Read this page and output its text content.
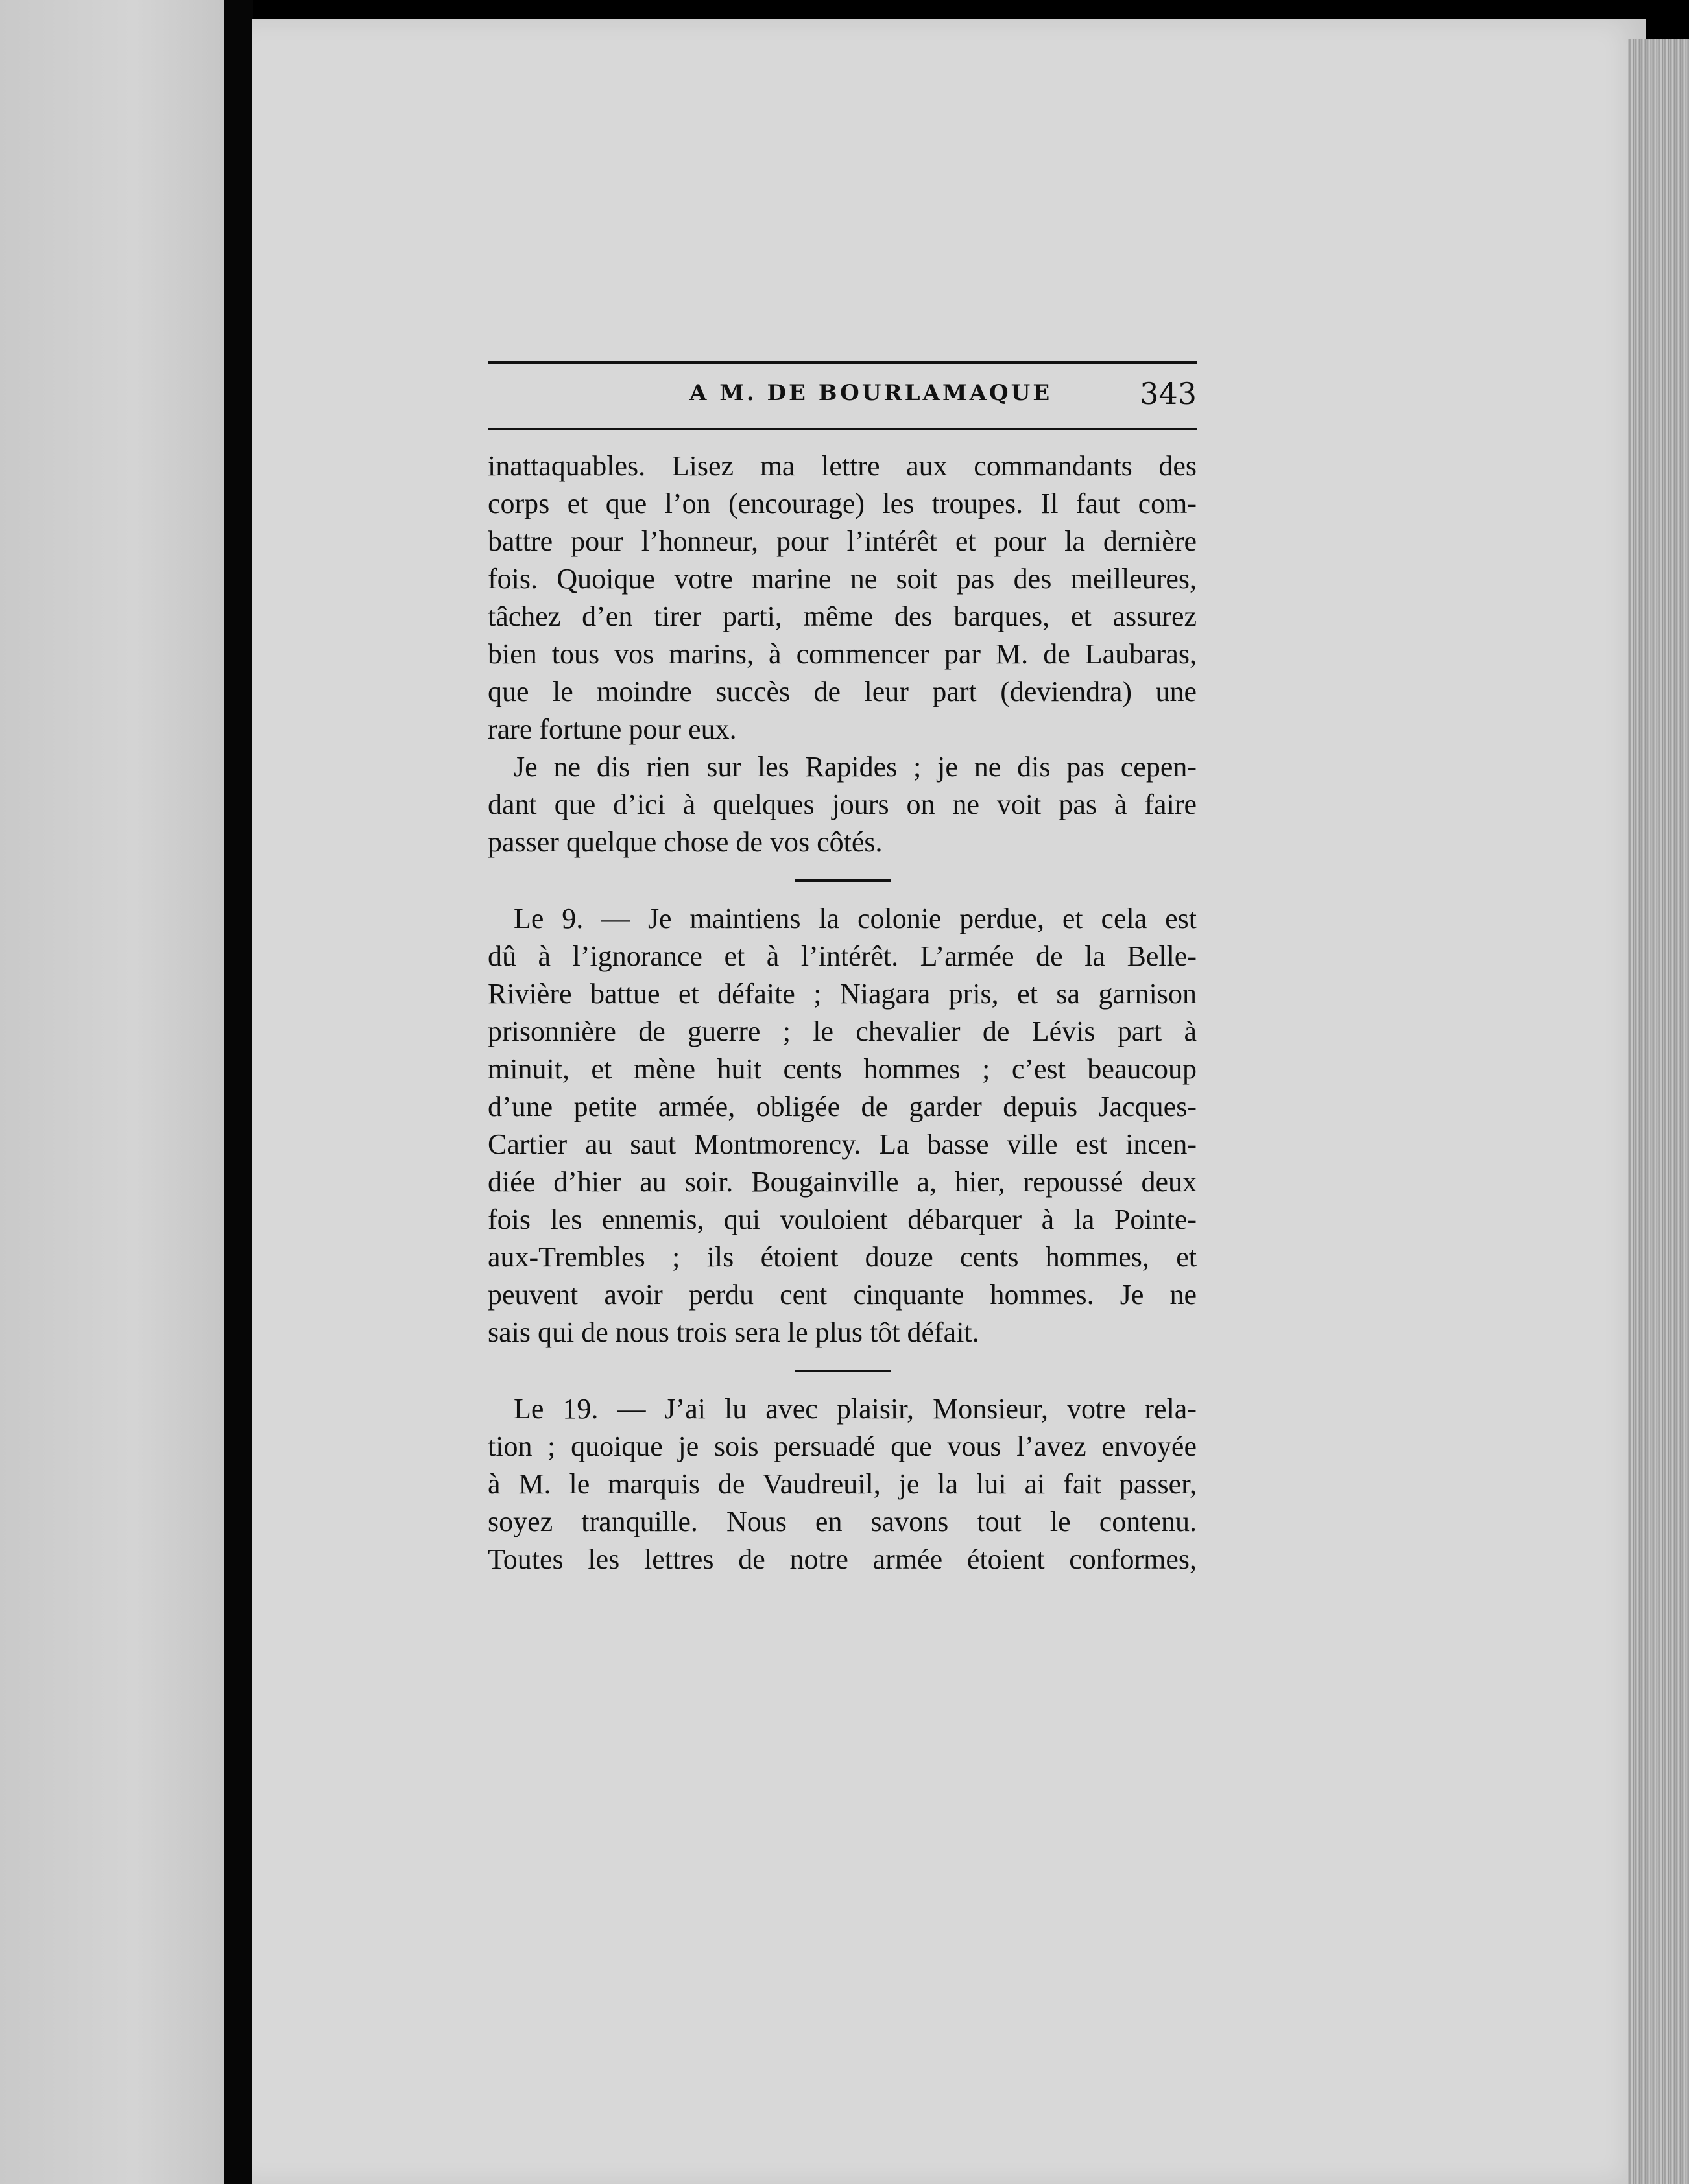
A M. DE BOURLAMAQUE	343
inattaquables. Lisez ma lettre aux commandants des
corps et que l’on (encourage) les troupes. Il faut com-
battre pour l’honneur, pour l’intérêt et pour la dernière
fois. Quoique votre marine ne soit pas des meilleures,
tâchez d’en tirer parti, même des barques, et assurez
bien tous vos marins, à commencer par M. de Laubaras,
que le moindre succès de leur part (deviendra) une
rare fortune pour eux.
Je ne dis rien sur les Rapides ; je ne dis pas cepen-
dant que d’ici à quelques jours on ne voit pas à faire
passer quelque chose de vos côtés.
Le 9. — Je maintiens la colonie perdue, et cela est
dû à l’ignorance et à l’intérêt. L’armée de la Belle-
Rivière battue et défaite ; Niagara pris, et sa garnison
prisonnière de guerre ; le chevalier de Lévis part à
minuit, et mène huit cents hommes ; c’est beaucoup
d’une petite armée, obligée de garder depuis Jacques-
Cartier au saut Montmorency. La basse ville est incen-
diée d’hier au soir. Bougainville a, hier, repoussé deux
fois les ennemis, qui vouloient débarquer à la Pointe-
aux-Trembles ; ils étoient douze cents hommes, et
peuvent avoir perdu cent cinquante hommes. Je ne
sais qui de nous trois sera le plus tôt défait.
Le 19. — J’ai lu avec plaisir, Monsieur, votre rela-
tion ; quoique je sois persuadé que vous l’avez envoyée
à M. le marquis de Vaudreuil, je la lui ai fait passer,
soyez tranquille. Nous en savons tout le contenu.
Toutes les lettres de notre armée étoient conformes,
